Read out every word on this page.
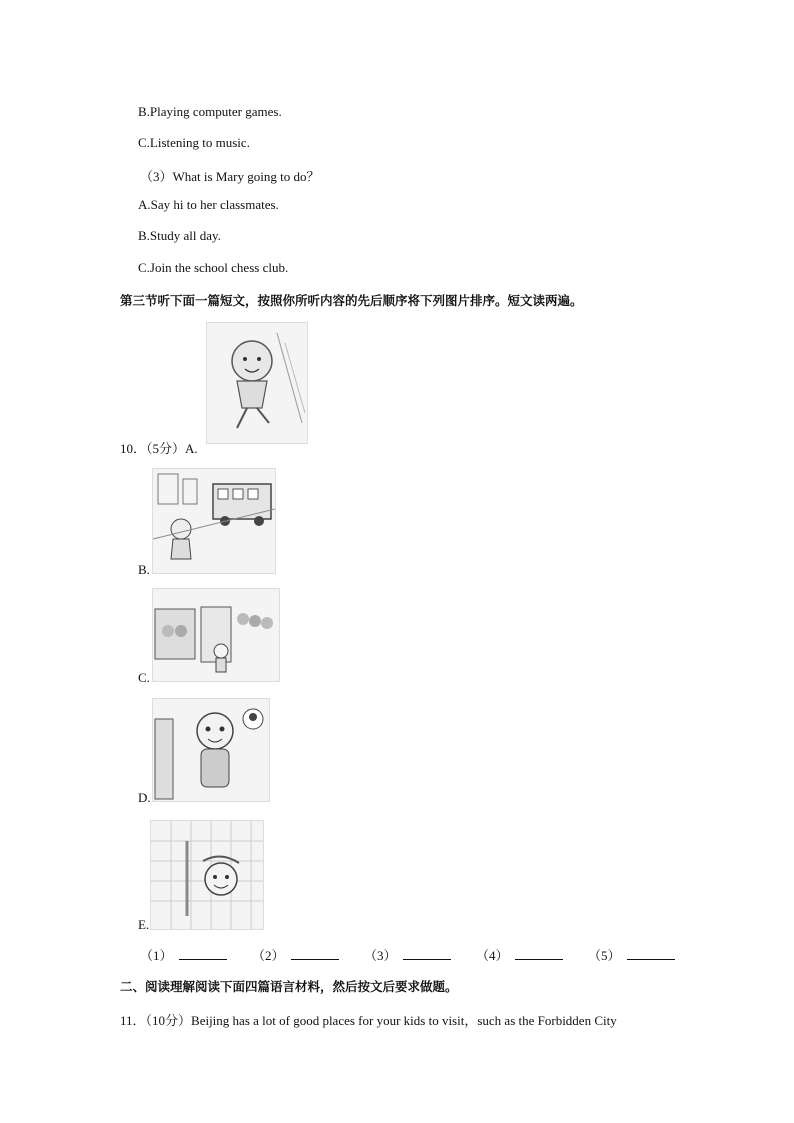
B.Playing computer games.
C.Listening to music.
（3）What is Mary going to do？
A.Say hi to her classmates.
B.Study all day.
C.Join the school chess club.
第三节听下面一篇短文，按照你所听内容的先后顺序将下列图片排序。短文读两遍。
10．（5分）A.
B.
C.
D.
E.
（1）	（2）	（3）	（4）	（5）
二、阅读理解阅读下面四篇语言材料，然后按文后要求做题。
11．（10分）Beijing has a lot of good places for your kids to visit，such as the Forbidden City
